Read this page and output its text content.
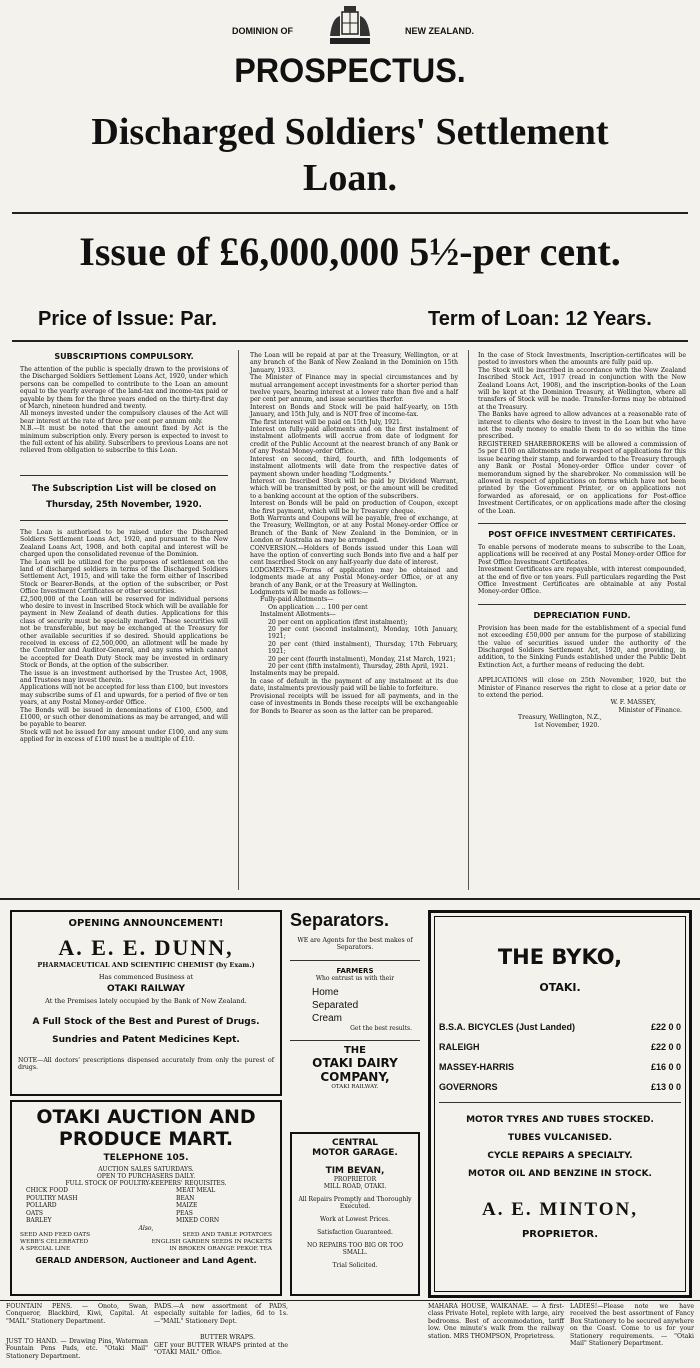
DOMINION OF	NEW ZEALAND.
PROSPECTUS.
Discharged Soldiers' Settlement
Loan.
Issue of £6,000,000 5½-per cent.
Price of Issue: Par.	Term of Loan: 12 Years.
SUBSCRIPTIONS COMPULSORY.

The attention of the public is specially drawn to the provisions of the Discharged Soldiers Settlement Loans Act, 1920, under which persons can be compelled to contribute to the Loan an amount equal to the yearly average of the land-tax and income-tax paid or payable by them for the three years ended on the thirty-first day of March, nineteen hundred and twenty.

All moneys invested under the compulsory clauses of the Act will bear interest at the rate of three per cent per annum only.

N.B.—It must be noted that the amount fixed by Act is the minimum subscription only. Every person is expected to invest to the full extent of his ability. Subscribers to previous Loans are not relieved from obligation to subscribe to this Loan.

The Subscription List will be closed on
Thursday, 25th November, 1920.

The Loan is authorised to be raised under the Discharged Soldiers Settlement Loans Act, 1920, and pursuant to the New Zealand Loans Act, 1908, and both capital and interest will be charged upon the consolidated revenue of the Dominion.

The Loan will be utilized for the purposes of settlement on the land of discharged soldiers in terms of the Discharged Soldiers Settlement Act, 1915, and will take the form either of Inscribed Stock or Bearer-Bonds, at the option of the subscriber, or Post Office Investment Certificates or other securities.

£2,500,000 of the Loan will be reserved for individual persons who desire to invest in Inscribed Stock which will be available for payment in New Zealand of death duties. Applications for this class of security must be specially marked. These securities will not be transferable, but may be exchanged at the Treasury for other available securities if so desired. Should applications be received in excess of £2,500,000, an allotment will be made by the Controller and Auditor-General, and any sums which cannot be accepted for Death Duty Stock may be invested in ordinary Stock or Bonds, at the option of the subscriber.

The issue is an investment authorised by the Trustee Act, 1908, and Trustees may invest therein.

Applications will not be accepted for less than £100, but investors may subscribe sums of £1 and upwards, for a period of five or ten years, at any Postal Money-order Office.

The Bonds will be issued in denominations of £100, £500, and £1000, or such other denominations as may be arranged, and will be payable to bearer.

Stock will not be issued for any amount under £100, and any sum applied for in excess of £100 must be a multiple of £10.

The Loan will be repaid at par at the Treasury, Wellington, or at any branch of the Bank of New Zealand in the Dominion on 15th January, 1933.

The Minister of Finance may in special circumstances and by mutual arrangement accept investments for a shorter period than twelve years, bearing interest at a lower rate than five and a half per cent per annum, and issue securities therfor.

Interest on Bonds and Stock will be paid half-yearly, on 15th January, and 15th July, and is NOT free of income-tax.

The first interest will be paid on 15th July, 1921.

Interest on fully-paid allotments and on the first instalment of instalment allotments will accrue from date of lodgment for credit of the Public Account at the nearest branch of any Bank or of any Postal Money-order Office.

Interest on second, third, fourth, and fifth lodgements of instalment allotments will date from the respective dates of payment shown under heading "Lodgments."

Interest on Inscribed Stock will be paid by Dividend Warrant, which will be transmitted by post, or the amount will be credited to a banking account at the option of the subscribers.

Interest on Bonds will be paid on production of Coupon, except the first payment, which will be by Treasury cheque.

Both Warrants and Coupons will be payable, free of exchange, at the Treasury, Wellington, or at any Postal Money-order Office or Branch of the Bank of New Zealand in the Dominion, or in London or Australia as may be arranged.

CONVERSION.—Holders of Bonds issued under this Loan will have the option of converting such Bonds into five and a half per cent Inscribed Stock on any half-yearly due date of interest.

LODGMENTS.—Forms of application may be obtained and lodgments made at any Postal Money-order Office, or at any branch of any Bank, or at the Treasury at Wellington.

Lodgments will be made as follows:—

Fully-paid Allotments—

On application .. .. 100 per cent

Instalment Allotments—

20 per cent on application (first instalment);

20 per cent (second instalment), Monday, 10th January, 1921;

20 per cent (third instalment), Thursday, 17th February, 1921;

20 per cent (fourth instalment), Monday, 21st March, 1921;

20 per cent (fifth instalment), Thursday, 28th April, 1921.

Instalments may be prepaid.

In case of default in the payment of any instalment at its due date, instalments previously paid will be liable to forfeiture.

Provisional receipts will be issued for all payments, and in the case of investments in Bonds these receipts will be exchangeable for Bonds to Bearer as soon as the latter can be prepared.

In the case of Stock Investments, Inscription-certificates will be posted to investors when the amounts are fully paid up.

The Stock will be inscribed in accordance with the New Zealand Inscribed Stock Act, 1917 (read in conjunction with the New Zealand Loans Act, 1908), and the inscription-books of the Loan will be kept at the Dominion Treasury, at Wellington, where all transfers of Stock will be made. Transfer-forms may be obtained at the Treasury.

The Banks have agreed to allow advances at a reasonable rate of interest to clients who desire to invest in the Loan but who have not the ready money to enable them to do so within the time prescribed.

REGISTERED SHAREBROKERS will be allowed a commission of 5s per £100 on allotments made in respect of applications for this issue bearing their stamp, and forwarded to the Treasury through any Bank or Postal Money-order Office under cover of memorandum signed by the sharebroker. No commission will be allowed in respect of applications on forms which have not been printed by the Government Printer, or on applications not forwarded as aforesaid, or on applications for Post-office Investment Certificates, or on applications made after the closing of the Loan.

POST OFFICE INVESTMENT CERTIFICATES.

To enable persons of moderate means to subscribe to the Loan, applications will be received at any Postal Money-order Office for Post Office Investment Certificates.

Investment Certificates are repayable, with interest compounded, at the end of five or ten years. Full particulars regarding the Post Office Investment Certificates are obtainable at any Postal Money-order Office.

DEPRECIATION FUND.

Provision has been made for the establishment of a special fund not exceeding £50,000 per annum for the purpose of stabilizing the value of securities issued under the authority of the Discharged Soldiers Settlement Act, 1920, and providing, in addition, to the Sinking Funds established under the Public Debt Extinction Act, a further means of reducing the debt.

APPLICATIONS will close on 25th November, 1920, but the Minister of Finance reserves the right to close at a prior date or to extend the period.

W. F. MASSEY,

Minister of Finance.

Treasury, Wellington, N.Z.,

1st November, 1920.

OPENING ANNOUNCEMENT!
A. E. E. DUNN,
PHARMACEUTICAL AND SCIENTIFIC CHEMIST (by Exam.)
Has commenced Business at
OTAKI RAILWAY
At the Premises lately occupied by the Bank of New Zealand.
A Full Stock of the Best and Purest of Drugs.
Sundries and Patent Medicines Kept.
NOTE—All doctors' prescriptions dispensed accurately from only the purest of drugs.
OTAKI AUCTION AND
PRODUCE MART.
TELEPHONE 105.
AUCTION SALES SATURDAYS.
OPEN TO PURCHASERS DAILY.
FULL STOCK OF POULTRY-KEEPERS' REQUISITES.
CHICK FOOD
POULTRY MASH
POLLARD
OATS
BARLEY
MEAT MEAL
BEAN
MAIZE
PEAS
MIXED CORN
Also,
SEED AND FEED OATS
WEBB'S CELEBRATED
A SPECIAL LINE
SEED AND TABLE POTATOES
ENGLISH GARDEN SEEDS IN PACKETS
IN BROKEN ORANGE PEKOE TEA
GERALD ANDERSON, Auctioneer and Land Agent.
Separators.
WE are Agents for the best makes of Separators.
FARMERS
Who entrust us with their
Home
Separated
Cream
Get the best results.
THE
OTAKI DAIRY
COMPANY,
OTAKI RAILWAY.
CENTRAL
MOTOR GARAGE.
TIM BEVAN,
PROPRIETOR
MILL ROAD, OTAKI.
All Repairs Promptly and Thoroughly Executed.
Work at Lowest Prices.
Satisfaction Guaranteed.
NO REPAIRS TOO BIG OR TOO SMALL.
Trial Solicited.
THE BYKO,
OTAKI.
B.S.A. BICYCLES (Just Landed)	£22 0 0
RALEIGH	£22 0 0
MASSEY-HARRIS	£16 0 0
GOVERNORS	£13 0 0
MOTOR TYRES AND TUBES STOCKED.
TUBES VULCANISED.
CYCLE REPAIRS A SPECIALTY.
MOTOR OIL AND BENZINE IN STOCK.
A. E. MINTON,
PROPRIETOR.
FOUNTAIN PENS. — Onoto, Swan, Conqueror, Blackbird, Kiwi, Capital. At "MAIL" Stationery Department.
PADS.—A new assortment of PADS, especially suitable for ladies, 6d to 1s.—"MAIL" Stationery Dept.
JUST TO HAND. — Drawing Pins, Waterman Fountain Pens Pads, etc. "Otaki Mail" Stationery Department.
BUTTER WRAPS.
GET your BUTTER WRAPS printed at the "OTAKI MAIL" Office.
MAHARA HOUSE, WAIKANAE. — A first-class Private Hotel, replete with large, airy bedrooms. Best of accommodation, tariff low. One minute's walk from the railway station. MRS THOMPSON, Proprietress.
LADIES!—Please note we have received the best assortment of Fancy Box Stationery to be secured anywhere on the Coast. Come to us for your Stationery requirements. — "Otaki Mail" Stationery Department.
